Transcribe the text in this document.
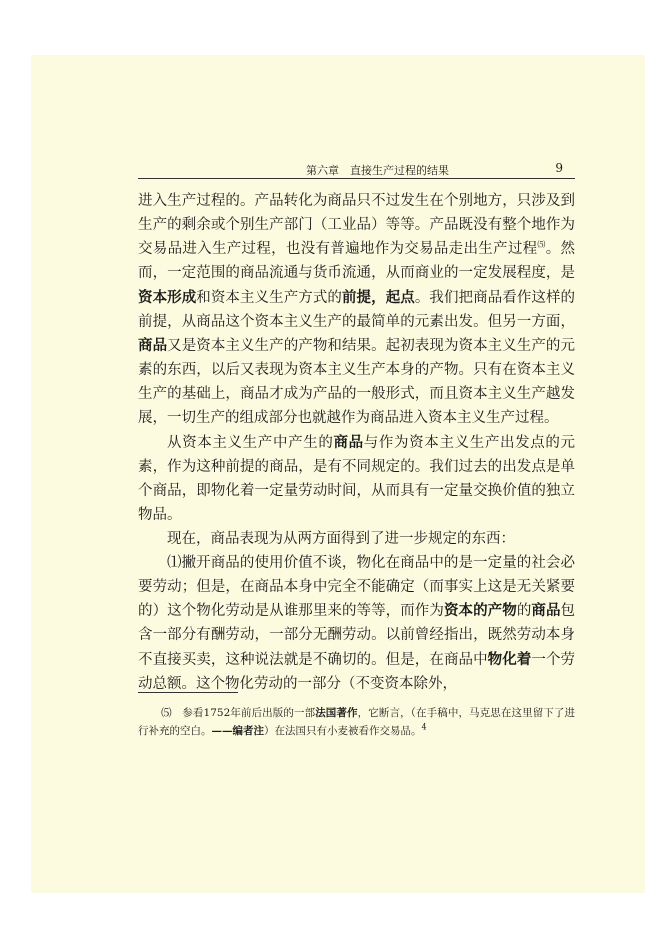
第六章　直接生产过程的结果	9

进入生产过程的。产品转化为商品只不过发生在个别地方，只涉及到生产的剩余或个别生产部门（工业品）等等。产品既没有整个地作为交易品进入生产过程，也没有普遍地作为交易品走出生产过程⑸。然而，一定范围的商品流通与货币流通，从而商业的一定发展程度，是资本形成和资本主义生产方式的前提，起点。我们把商品看作这样的前提，从商品这个资本主义生产的最简单的元素出发。但另一方面，商品又是资本主义生产的产物和结果。起初表现为资本主义生产的元素的东西，以后又表现为资本主义生产本身的产物。只有在资本主义生产的基础上，商品才成为产品的一般形式，而且资本主义生产越发展，一切生产的组成部分也就越作为商品进入资本主义生产过程。

从资本主义生产中产生的商品与作为资本主义生产出发点的元素，作为这种前提的商品，是有不同规定的。我们过去的出发点是单个商品，即物化着一定量劳动时间，从而具有一定量交换价值的独立物品。

现在，商品表现为从两方面得到了进一步规定的东西：

⑴撇开商品的使用价值不谈，物化在商品中的是一定量的社会必要劳动；但是，在商品本身中完全不能确定（而事实上这是无关紧要的）这个物化劳动是从谁那里来的等等，而作为资本的产物的商品包含一部分有酬劳动，一部分无酬劳动。以前曾经指出，既然劳动本身不直接买卖，这种说法就是不确切的。但是，在商品中物化着一个劳动总额。这个物化劳动的一部分（不变资本除外，

⑸　 参看1752年前后出版的一部法国著作，它断言，（在手稿中，马克思在这里留下了进行补充的空白。——编者注）在法国只有小麦被看作交易品。$^4$
